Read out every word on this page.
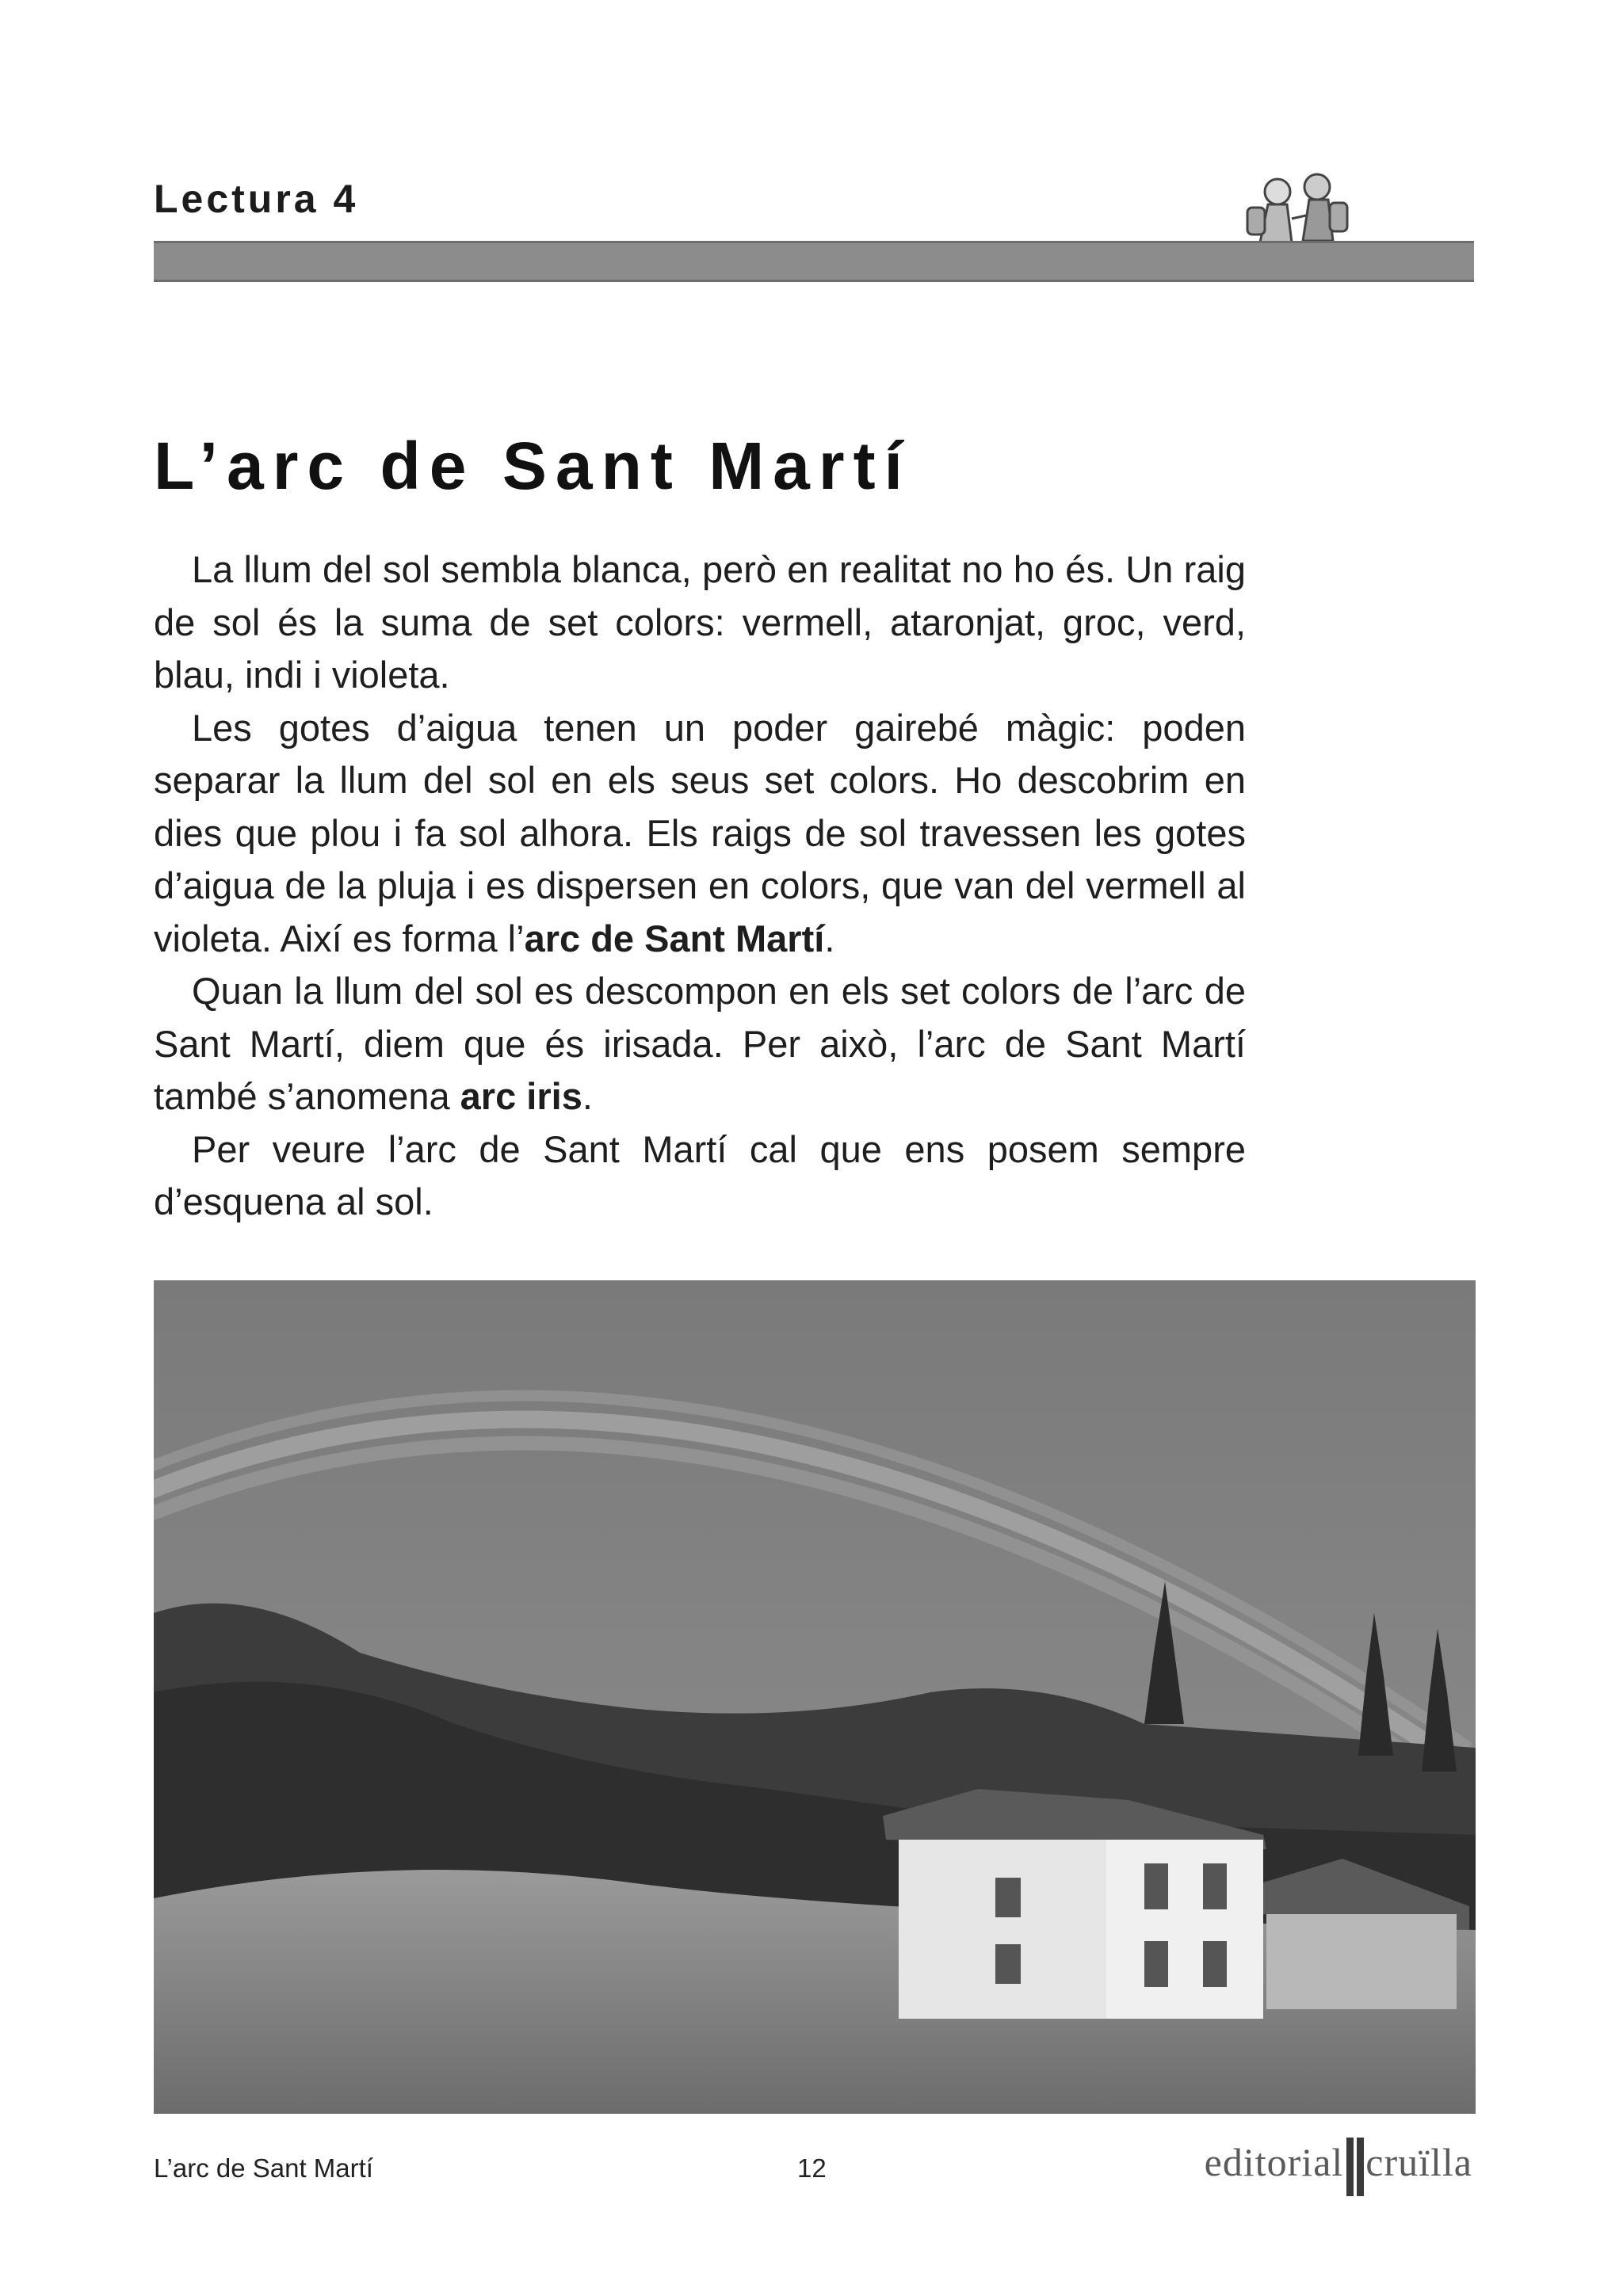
Lectura 4
L’arc de Sant Martí

La llum del sol sembla blanca, però en realitat no ho és. Un raig de sol és la suma de set colors: vermell, ataronjat, groc, verd, blau, indi i violeta.

Les gotes d’aigua tenen un poder gairebé màgic: poden separar la llum del sol en els seus set colors. Ho descobrim en dies que plou i fa sol alhora. Els raigs de sol travessen les gotes d’aigua de la pluja i es dispersen en colors, que van del vermell al violeta. Així es forma l’arc de Sant Martí.

Quan la llum del sol es descompon en els set colors de l’arc de Sant Martí, diem que és irisada. Per això, l’arc de Sant Martí també s’anomena arc iris.

Per veure l’arc de Sant Martí cal que ens posem sempre d’esquena al sol.

L’arc de Sant Martí	12	editorial cruïlla
